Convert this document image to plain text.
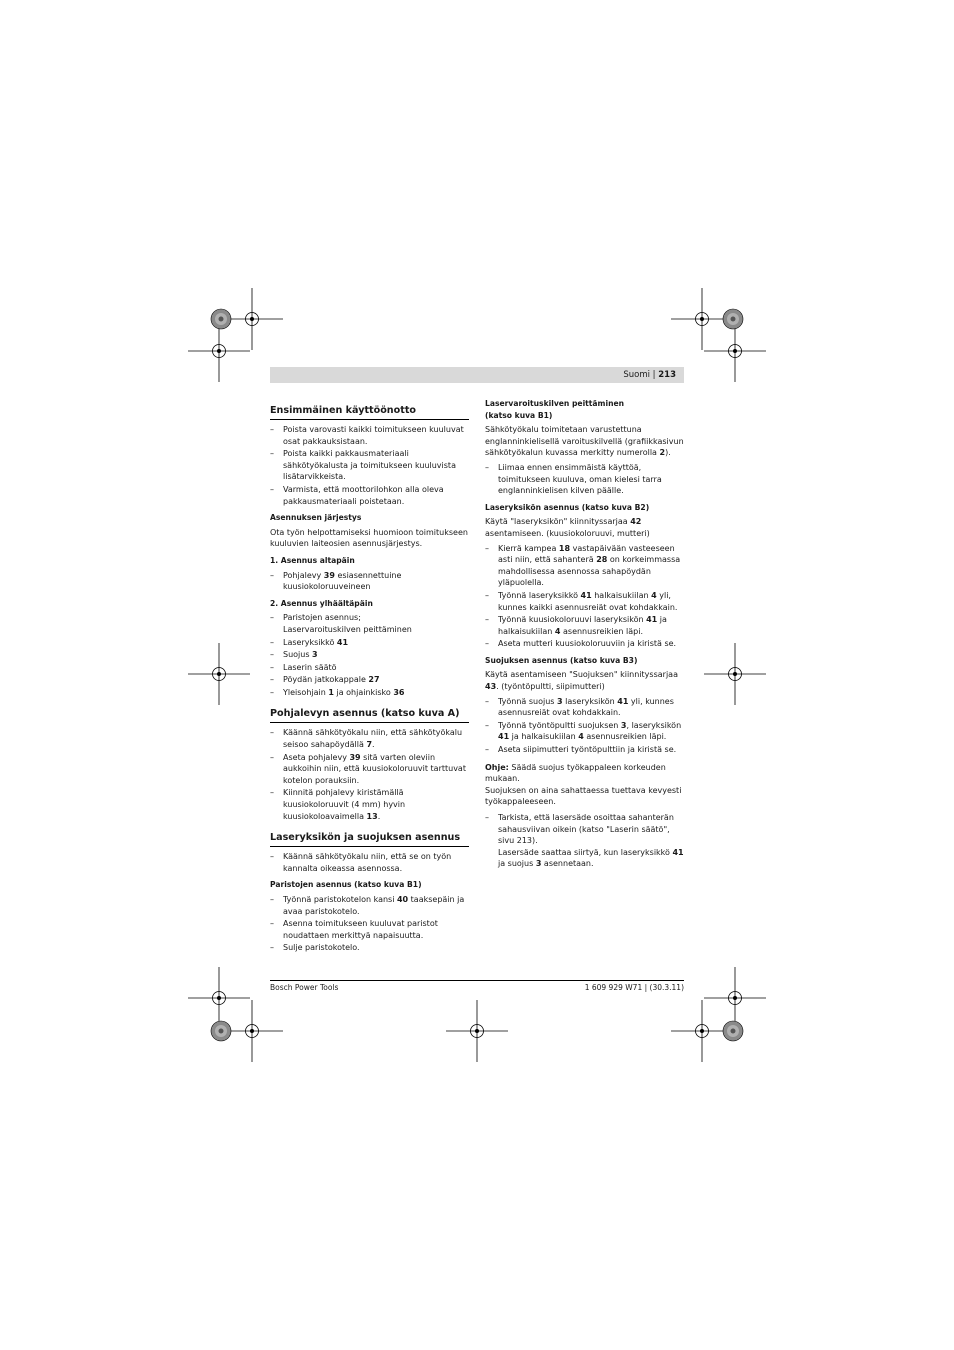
Suomi | 213
Ensimmäinen käyttöönotto
– Poista varovasti kaikki toimitukseen kuuluvat osat pakkauksistaan.
– Poista kaikki pakkausmateriaali sähkötyökalusta ja toimitukseen kuuluvista lisätarvikkeista.
– Varmista, että moottorilohkon alla oleva pakkausmateriaali poistetaan.
Asennuksen järjestys
Ota työn helpottamiseksi huomioon toimitukseen kuuluvien laiteosien asennusjärjestys.
1. Asennus altapäin
– Pohjalevy 39 esiasennettuine kuusiokoloruuveineen
2. Asennus ylhäältäpäin
– Paristojen asennus;
Laservaroituskilven peittäminen
– Laseryksikkö 41
– Suojus 3
– Laserin säätö
– Pöydän jatkokappale 27
– Yleisohjain 1 ja ohjainkisko 36
Pohjalevyn asennus (katso kuva A)
– Käännä sähkötyökalu niin, että sähkötyökalu seisoo sahapöydällä 7.
– Aseta pohjalevy 39 sitä varten oleviin aukkoihin niin, että kuusiokoloruuvit tarttuvat kotelon porauksiin.
– Kiinnitä pohjalevy kiristämällä kuusiokoloruuvit (4 mm) hyvin kuusiokoloavaimella 13.
Laseryksikön ja suojuksen asennus
– Käännä sähkötyökalu niin, että se on työn kannalta oikeassa asennossa.
Paristojen asennus (katso kuva B1)
– Työnnä paristokotelon kansi 40 taaksepäin ja avaa paristokotelo.
– Asenna toimitukseen kuuluvat paristot noudattaen merkittyä napaisuutta.
– Sulje paristokotelo.
Laservaroituskilven peittäminen
(katso kuva B1)
Sähkötyökalu toimitetaan varustettuna englanninkielisellä varoituskilvellä (grafiikkasivun sähkötyökalun kuvassa merkitty numerolla 2).
– Liimaa ennen ensimmäistä käyttöä, toimitukseen kuuluva, oman kielesi tarra englanninkielisen kilven päälle.
Laseryksikön asennus (katso kuva B2)
Käytä "laseryksikön" kiinnityssarjaa 42 asentamiseen. (kuusiokoloruuvi, mutteri)
– Kierrä kampea 18 vastapäivään vasteeseen asti niin, että sahanterä 28 on korkeimmassa mahdollisessa asennossa sahapöydän yläpuolella.
– Työnnä laseryksikkö 41 halkaisukiilan 4 yli, kunnes kaikki asennusreiät ovat kohdakkain.
– Työnnä kuusiokoloruuvi laseryksikön 41 ja halkaisukiilan 4 asennusreikien läpi.
– Aseta mutteri kuusiokoloruuviin ja kiristä se.
Suojuksen asennus (katso kuva B3)
Käytä asentamiseen "Suojuksen" kiinnityssarjaa 43. (työntöpultti, siipimutteri)
– Työnnä suojus 3 laseryksikön 41 yli, kunnes asennusreiät ovat kohdakkain.
– Työnnä työntöpultti suojuksen 3, laseryksikön 41 ja halkaisukiilan 4 asennusreikien läpi.
– Aseta siipimutteri työntöpulttiin ja kiristä se.
Ohje: Säädä suojus työkappaleen korkeuden mukaan.
Suojuksen on aina sahattaessa tuettava kevyesti työkappaleeseen.
– Tarkista, että lasersäde osoittaa sahanterän sahausviivan oikein (katso "Laserin säätö", sivu 213).
Lasersäde saattaa siirtyä, kun laseryksikkö 41 ja suojus 3 asennetaan.
Bosch Power Tools	1 609 929 W71 | (30.3.11)
